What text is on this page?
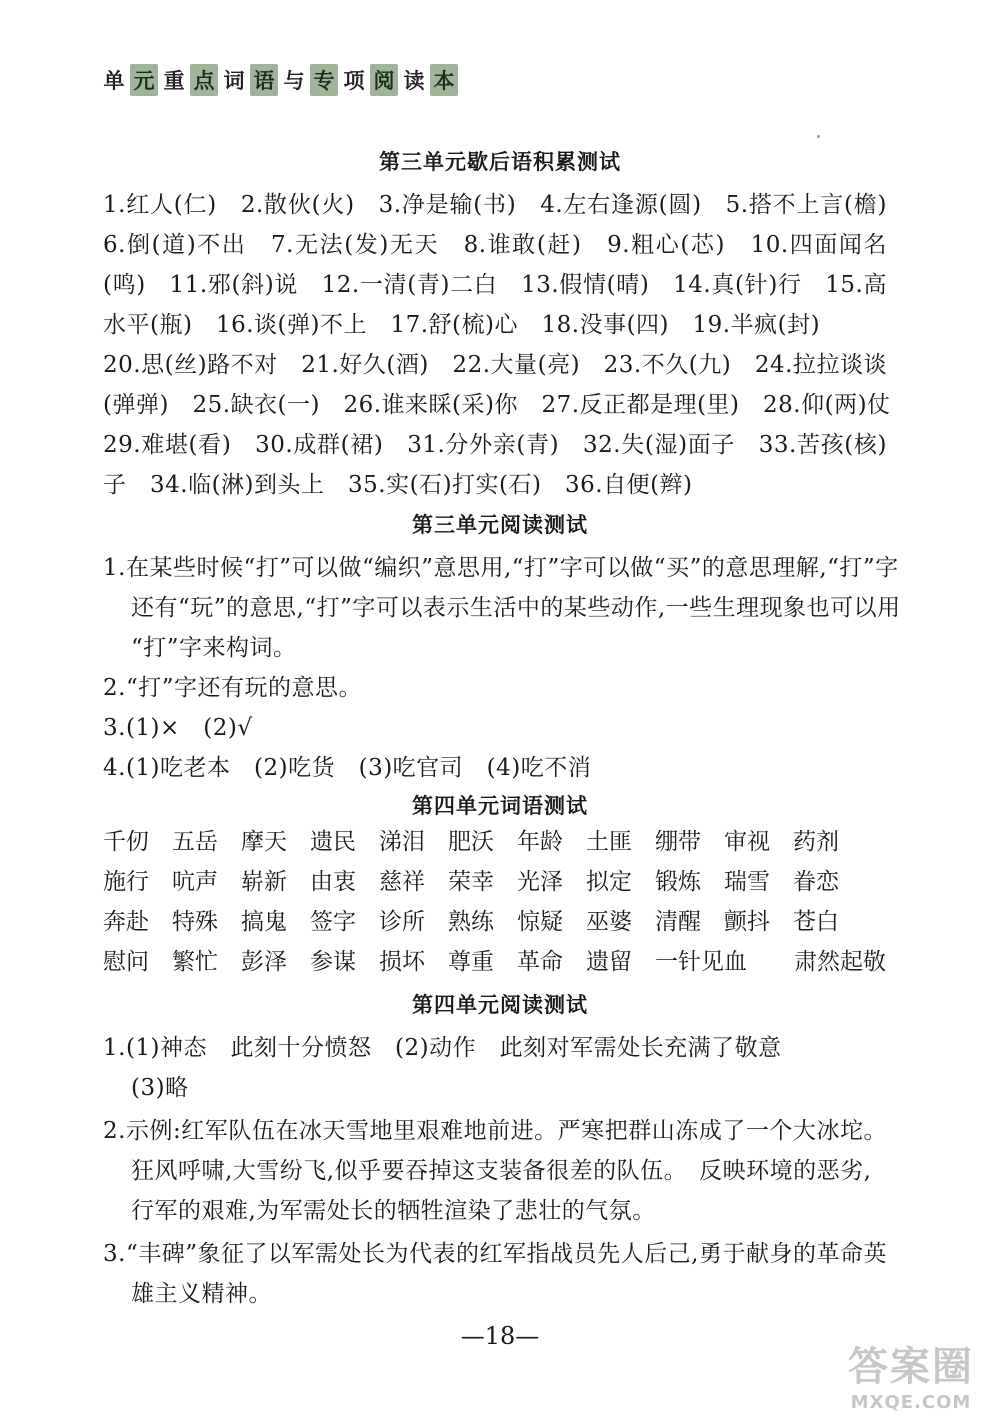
单 元 重 点 词 语 与 专 项 阅 读 本
第三单元歇后语积累测试
1.红人(仁)　2.散伙(火)　3.净是输(书)　4.左右逢源(圆)　5.搭不上言(檐)
6.倒(道)不出　7.无法(发)无天　8.谁敢(赶)　9.粗心(芯)　10.四面闻名
(鸣)　11.邪(斜)说　12.一清(青)二白　13.假情(晴)　14.真(针)行　15.高
水平(瓶)　16.谈(弹)不上　17.舒(梳)心　18.没事(四)　19.半疯(封)
20.思(丝)路不对　21.好久(酒)　22.大量(亮)　23.不久(九)　24.拉拉谈谈
(弹弹)　25.缺衣(一)　26.谁来睬(采)你　27.反正都是理(里)　28.仰(两)仗
29.难堪(看)　30.成群(裙)　31.分外亲(青)　32.失(湿)面子　33.苦孩(核)
子　34.临(淋)到头上　35.实(石)打实(石)　36.自便(辫)
第三单元阅读测试
1.在某些时候“打”可以做“编织”意思用,“打”字可以做“买”的意思理解,“打”字
还有“玩”的意思,“打”字可以表示生活中的某些动作,一些生理现象也可以用
“打”字来构词。
2.“打”字还有玩的意思。
3.(1)×　(2)√
4.(1)吃老本　(2)吃货　(3)吃官司　(4)吃不消
第四单元词语测试
千仞	五岳	摩天	遗民	涕泪	肥沃	年龄	土匪	绷带	审视	药剂
施行	吭声	崭新	由衷	慈祥	荣幸	光泽	拟定	锻炼	瑞雪	眷恋
奔赴	特殊	搞鬼	签字	诊所	熟练	惊疑	巫婆	清醒	颤抖	苍白
慰问	繁忙	彭泽	参谋	损坏	尊重	革命	遗留	一针见血 肃然起敬
第四单元阅读测试
1.(1)神态　此刻十分愤怒　(2)动作　此刻对军需处长充满了敬意
(3)略
2.示例:红军队伍在冰天雪地里艰难地前进。严寒把群山冻成了一个大冰坨。
狂风呼啸,大雪纷飞,似乎要吞掉这支装备很差的队伍。　反映环境的恶劣,
行军的艰难,为军需处长的牺牲渲染了悲壮的气氛。
3.“丰碑”象征了以军需处长为代表的红军指战员先人后己,勇于献身的革命英
雄主义精神。
—18—
答案圈
MXQE.COM
